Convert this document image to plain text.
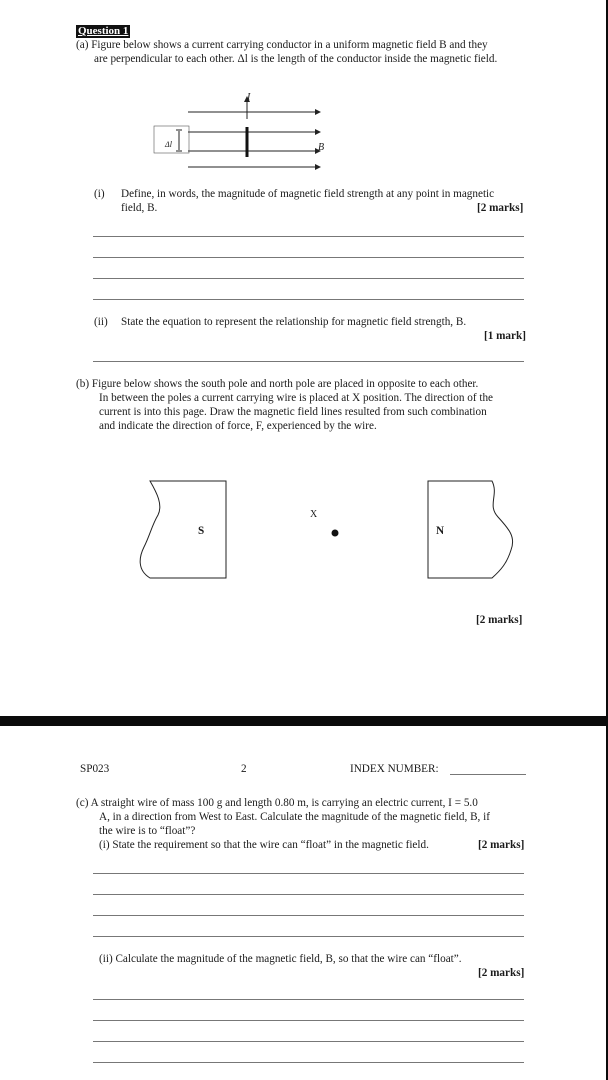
Question 1
(a) Figure below shows a current carrying conductor in a uniform magnetic field B and they
are perpendicular to each other. Δl is the length of the conductor inside the magnetic field.
I
Δl	B
(i) Define, in words, the magnitude of magnetic field strength at any point in magnetic
field, B.	[2 marks]
(ii) State the equation to represent the relationship for magnetic field strength, B.
[1 mark]
(b) Figure below shows the south pole and north pole are placed in opposite to each other.
In between the poles a current carrying wire is placed at X position. The direction of the
current is into this page. Draw the magnetic field lines resulted from such combination
and indicate the direction of force, F, experienced by the wire.
S
X
N
[2 marks]
SP023	2	INDEX NUMBER:
(c) A straight wire of mass 100 g and length 0.80 m, is carrying an electric current, I = 5.0
A, in a direction from West to East. Calculate the magnitude of the magnetic field, B, if
the wire is to “float”?
(i) State the requirement so that the wire can “float” in the magnetic field.	[2 marks]
(ii) Calculate the magnitude of the magnetic field, B, so that the wire can “float”.
[2 marks]
